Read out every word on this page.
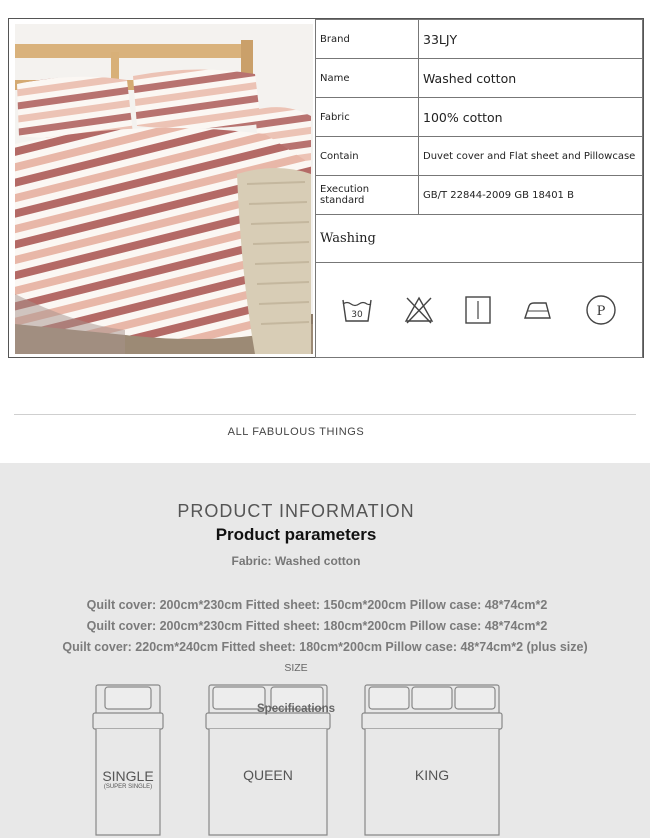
Brand	33LJY
Name	Washed cotton
Fabric	100% cotton
Contain	Duvet cover and Flat sheet and Pillowcase
Execution standard	GB/T 22844-2009 GB 18401 B
Washing	

30 P	
ALL FABULOUS THINGS
PRODUCT INFORMATION
Product parameters
Fabric: Washed cotton
Quilt cover: 200cm*230cm Fitted sheet: 150cm*200cm Pillow case: 48*74cm*2
Quilt cover: 200cm*230cm Fitted sheet: 180cm*200cm Pillow case: 48*74cm*2
Quilt cover: 220cm*240cm Fitted sheet: 180cm*200cm Pillow case: 48*74cm*2 (plus size)
SIZE
SINGLE
(SUPER SINGLE)
QUEEN	KING
Specifications
